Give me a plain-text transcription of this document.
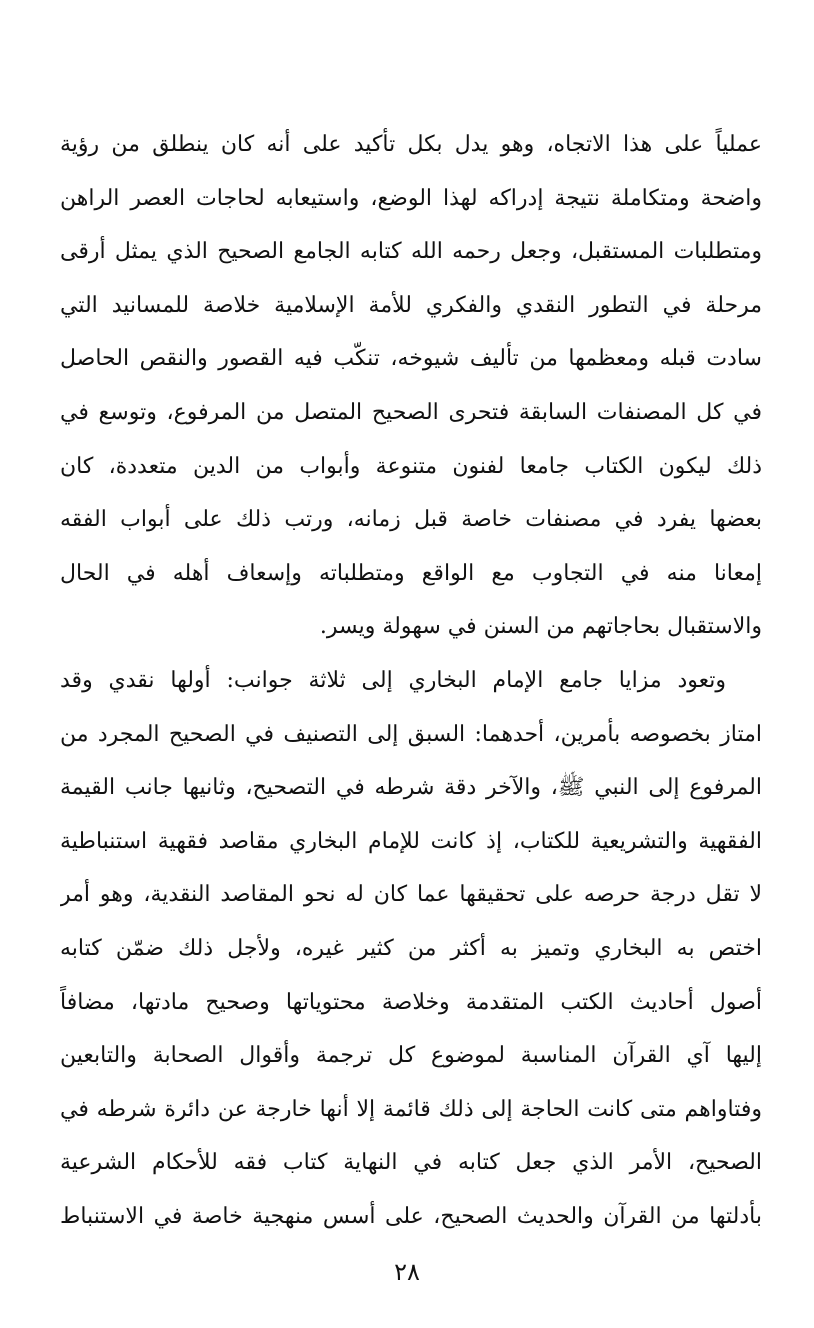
عملياً على هذا الاتجاه، وهو يدل بكل تأكيد على أنه كان ينطلق من رؤية
واضحة ومتكاملة نتيجة إدراكه لهذا الوضع، واستيعابه لحاجات العصر الراهن
ومتطلبات المستقبل، وجعل رحمه الله كتابه الجامع الصحيح الذي يمثل أرقى
مرحلة في التطور النقدي والفكري للأمة الإسلامية خلاصة للمسانيد التي
سادت قبله ومعظمها من تأليف شيوخه، تنكّب فيه القصور والنقص الحاصل
في كل المصنفات السابقة فتحرى الصحيح المتصل من المرفوع، وتوسع في
ذلك ليكون الكتاب جامعا لفنون متنوعة وأبواب من الدين متعددة، كان
بعضها يفرد في مصنفات خاصة قبل زمانه، ورتب ذلك على أبواب الفقه
إمعانا منه في التجاوب مع الواقع ومتطلباته وإسعاف أهله في الحال
والاستقبال بحاجاتهم من السنن في سهولة ويسر.
وتعود مزايا جامع الإمام البخاري إلى ثلاثة جوانب: أولها نقدي وقد
امتاز بخصوصه بأمرين، أحدهما: السبق إلى التصنيف في الصحيح المجرد من
المرفوع إلى النبي ﷺ، والآخر دقة شرطه في التصحيح، وثانيها جانب القيمة
الفقهية والتشريعية للكتاب، إذ كانت للإمام البخاري مقاصد فقهية استنباطية
لا تقل درجة حرصه على تحقيقها عما كان له نحو المقاصد النقدية، وهو أمر
اختص به البخاري وتميز به أكثر من كثير غيره، ولأجل ذلك ضمّن كتابه
أصول أحاديث الكتب المتقدمة وخلاصة محتوياتها وصحيح مادتها، مضافاً
إليها آي القرآن المناسبة لموضوع كل ترجمة وأقوال الصحابة والتابعين
وفتاواهم متى كانت الحاجة إلى ذلك قائمة إلا أنها خارجة عن دائرة شرطه في
الصحيح، الأمر الذي جعل كتابه في النهاية كتاب فقه للأحكام الشرعية
بأدلتها من القرآن والحديث الصحيح، على أسس منهجية خاصة في الاستنباط
٢٨
